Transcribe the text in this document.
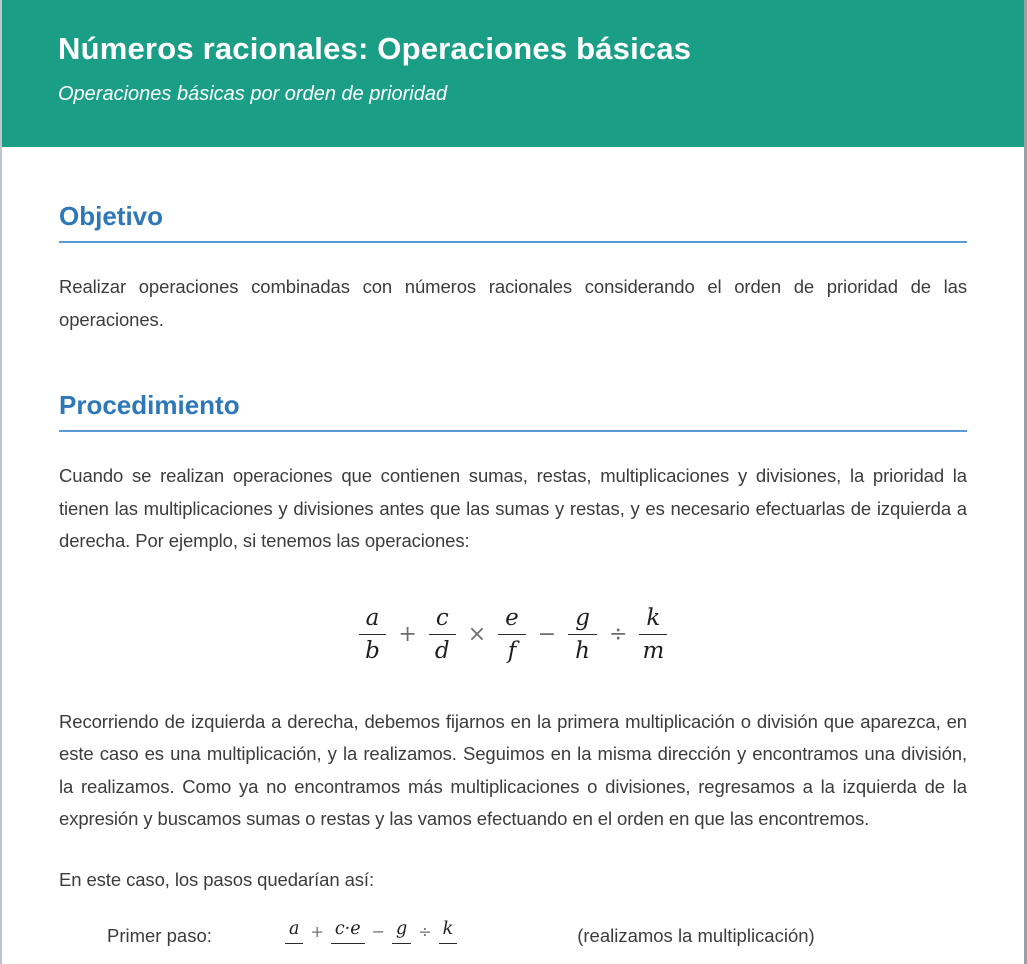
Números racionales: Operaciones básicas
Operaciones básicas por orden de prioridad
Objetivo

Realizar operaciones combinadas con números racionales considerando el orden de prioridad de las operaciones.

Procedimiento

Cuando se realizan operaciones que contienen sumas, restas, multiplicaciones y divisiones, la prioridad la tienen las multiplicaciones y divisiones antes que las sumas y restas, y es necesario efectuarlas de izquierda a derecha. Por ejemplo, si tenemos las operaciones:

$\frac{a}{b} + \frac{c}{d} \times \frac{e}{f} - \frac{g}{h} \div \frac{k}{m}$

Recorriendo de izquierda a derecha, debemos fijarnos en la primera multiplicación o división que aparezca, en este caso es una multiplicación, y la realizamos. Seguimos en la misma dirección y encontramos una división, la realizamos. Como ya no encontramos más multiplicaciones o divisiones, regresamos a la izquierda de la expresión y buscamos sumas o restas y las vamos efectuando en el orden en que las encontremos.

En este caso, los pasos quedarían así:

Primer paso:	a + c·e − g ÷ k	(realizamos la multiplicación)
